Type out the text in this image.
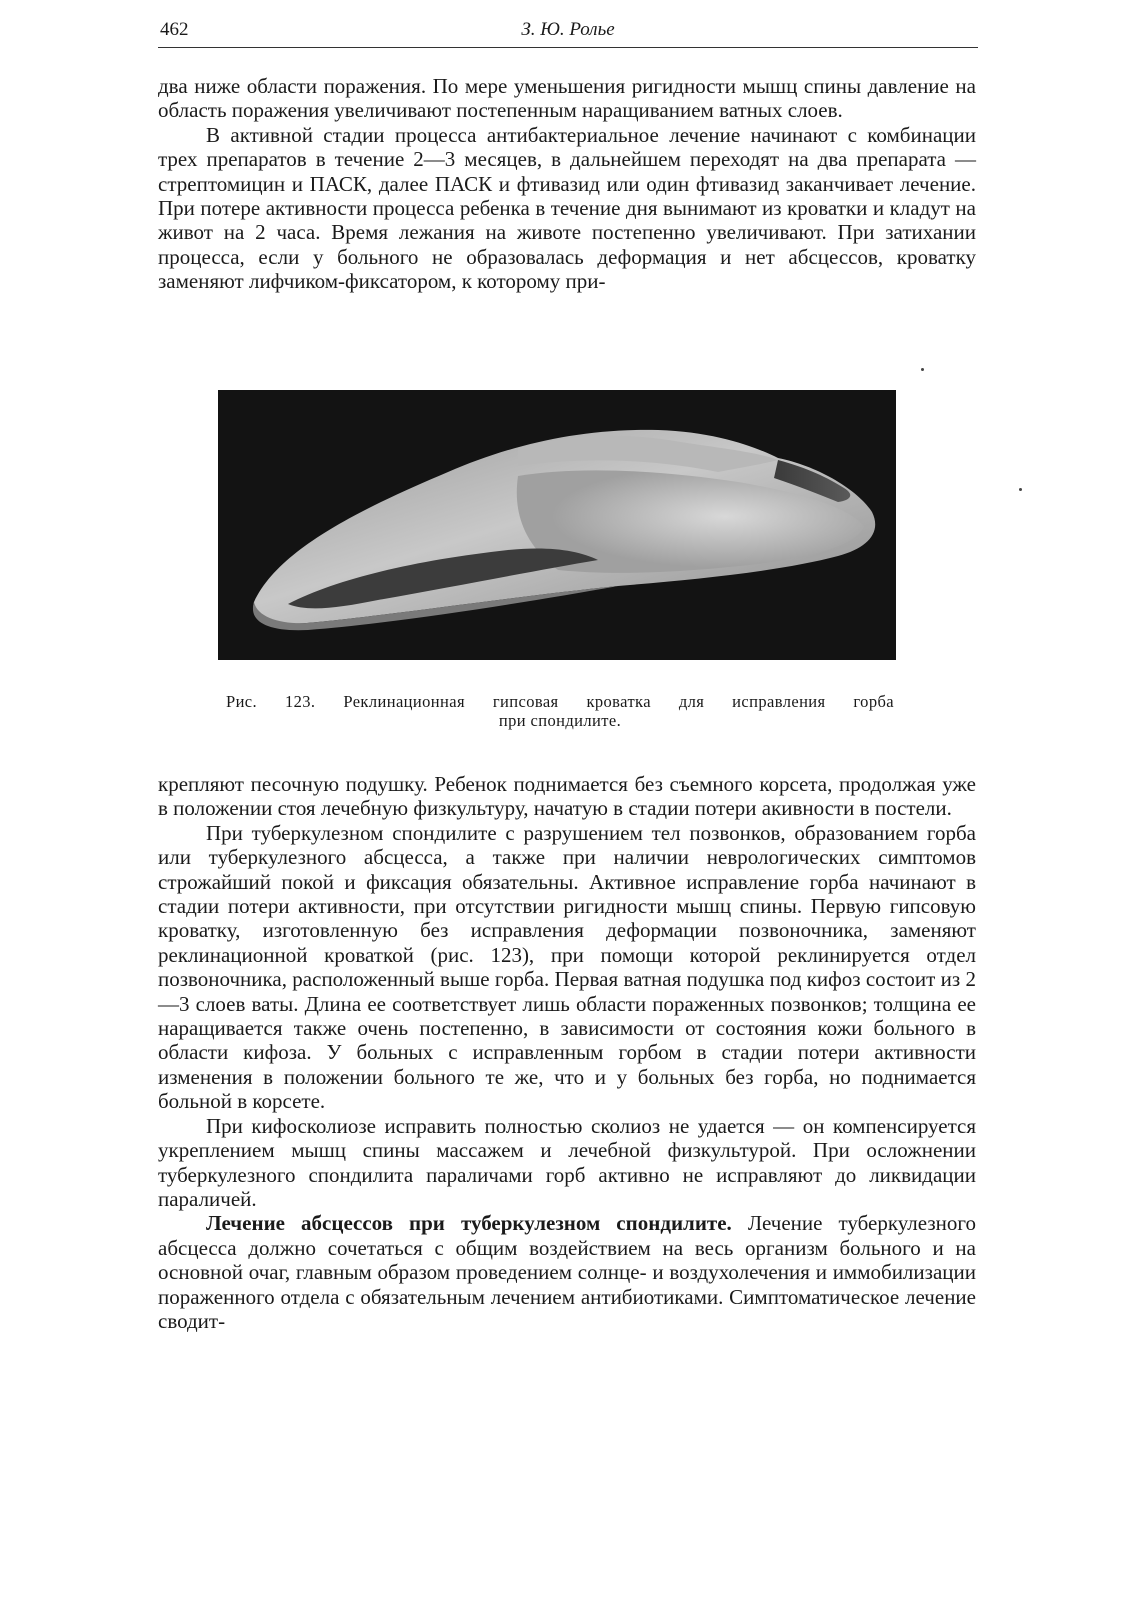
462	З. Ю. Ролье

два ниже области поражения. По мере уменьшения ригидности мышц спины давление на область поражения увеличивают постепенным наращиванием ватных слоев.

В активной стадии процесса антибактериальное лечение начинают с комбинации трех препаратов в течение 2—3 месяцев, в дальнейшем переходят на два препарата — стрептомицин и ПАСК, далее ПАСК и фтивазид или один фтивазид заканчивает лечение. При потере активности процесса ребенка в течение дня вынимают из кроватки и кладут на живот на 2 часа. Время лежания на животе постепенно увеличивают. При затихании процесса, если у больного не образовалась деформация и нет абсцессов, кроватку заменяют лифчиком-фиксатором, к которому при-

Рис. 123. Реклинационная гипсовая кроватка для исправления горба
при спондилите.

крепляют песочную подушку. Ребенок поднимается без съемного корсета, продолжая уже в положении стоя лечебную физкультуру, начатую в стадии потери акивности в постели.

При туберкулезном спондилите с разрушением тел позвонков, образованием горба или туберкулезного абсцесса, а также при наличии неврологических симптомов строжайший покой и фиксация обязательны. Активное исправление горба начинают в стадии потери активности, при отсутствии ригидности мышц спины. Первую гипсовую кроватку, изготовленную без исправления деформации позвоночника, заменяют реклинационной кроваткой (рис. 123), при помощи которой реклинируется отдел позвоночника, расположенный выше горба. Первая ватная подушка под кифоз состоит из 2—3 слоев ваты. Длина ее соответствует лишь области пораженных позвонков; толщина ее наращивается также очень постепенно, в зависимости от состояния кожи больного в области кифоза. У больных с исправленным горбом в стадии потери активности изменения в положении больного те же, что и у больных без горба, но поднимается больной в корсете.

При кифосколиозе исправить полностью сколиоз не удается — он компенсируется укреплением мышц спины массажем и лечебной физкультурой. При осложнении туберкулезного спондилита параличами горб активно не исправляют до ликвидации параличей.

Лечение абсцессов при туберкулезном спондилите. Лечение туберкулезного абсцесса должно сочетаться с общим воздействием на весь организм больного и на основной очаг, главным образом проведением солнце- и воздухолечения и иммобилизации пораженного отдела с обязательным лечением антибиотиками. Симптоматическое лечение сводит-
